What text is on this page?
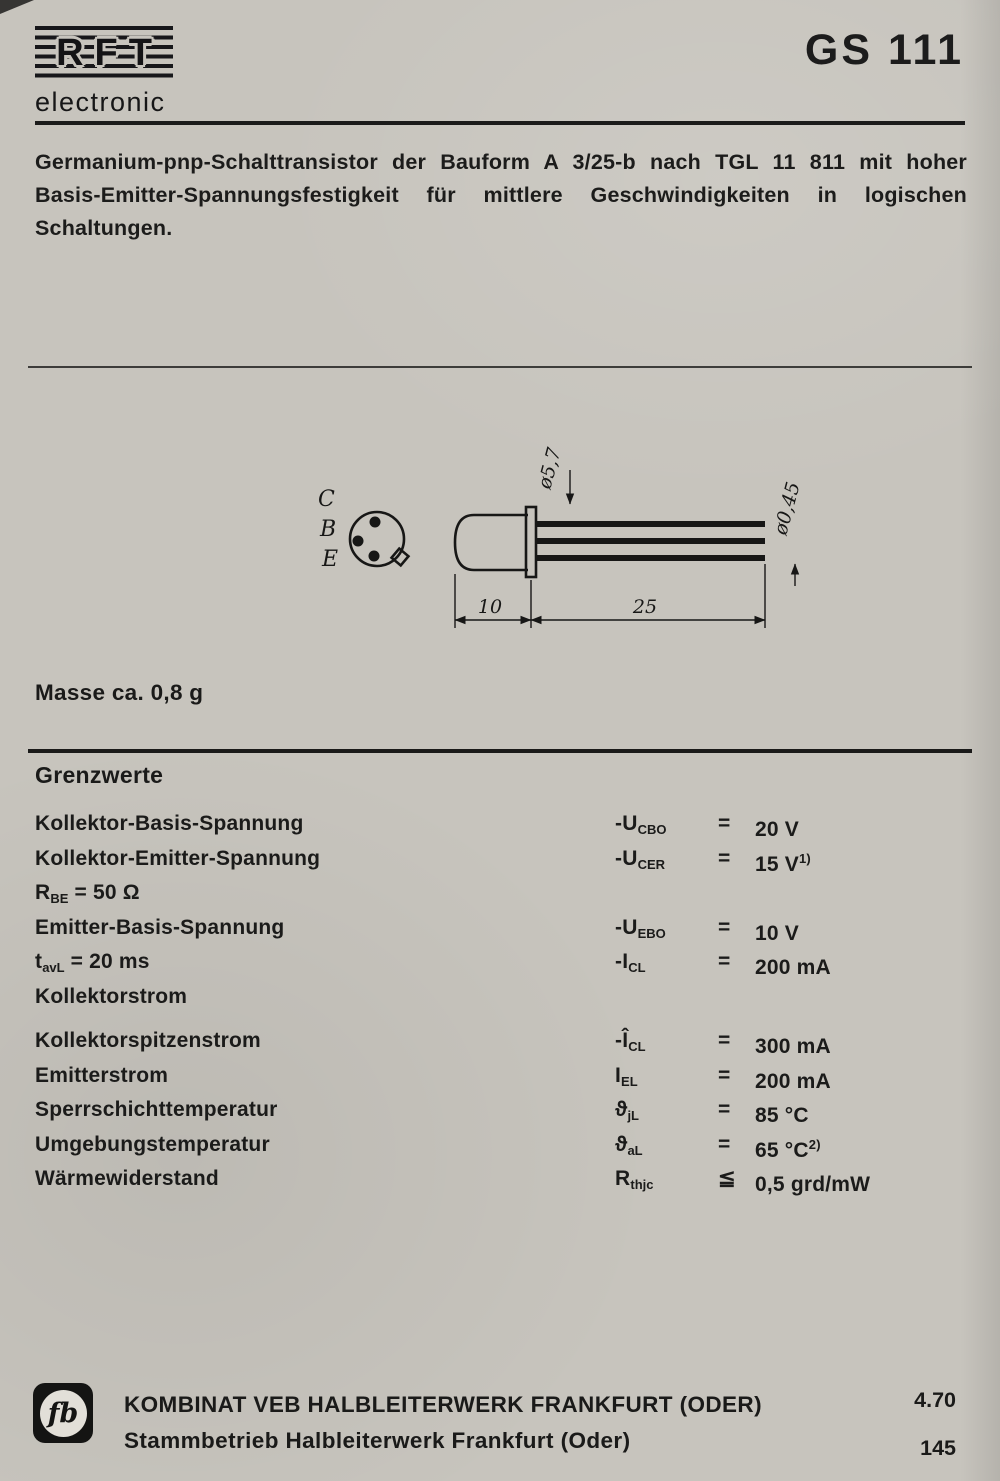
RFT
electronic
GS 111

Germanium-pnp-Schalttransistor der Bauform A 3/25-b nach TGL 11 811 mit hoher Basis-Emitter-Spannungsfestigkeit für mittlere Geschwindigkeiten in logischen Schaltungen.

C
B
E
ø5,7
ø0,45
10	25
Masse ca. 0,8 g
Grenzwerte
Kollektor-Basis-Spannung	$-U_{CBO}$	=	20 V
Kollektor-Emitter-Spannung	$-U_{CER}$	=	15 $V^{1)}$
$R_{BE} = 50$ Ω
Emitter-Basis-Spannung	$-U_{EBO}$	=	10 V
$t_{avL} = 20$ ms	$-I_{CL}$	=	200 mA
Kollektorstrom
Kollektorspitzenstrom	$-Î_{CL}$	=	300 mA
Emitterstrom	$I_{EL}$	=	200 mA
Sperrschichttemperatur	$ϑ_{jL}$	=	85 °C
Umgebungstemperatur	$ϑ_{aL}$	=	65 $^\circ C^{2)}$
Wärmewiderstand	$R_{thjc}$	≦ 0,5 grd/mW
fb	KOMBINAT VEB HALBLEITERWERK FRANKFURT (ODER)
Stammbetrieb Halbleiterwerk Frankfurt (Oder)
4.70
145
